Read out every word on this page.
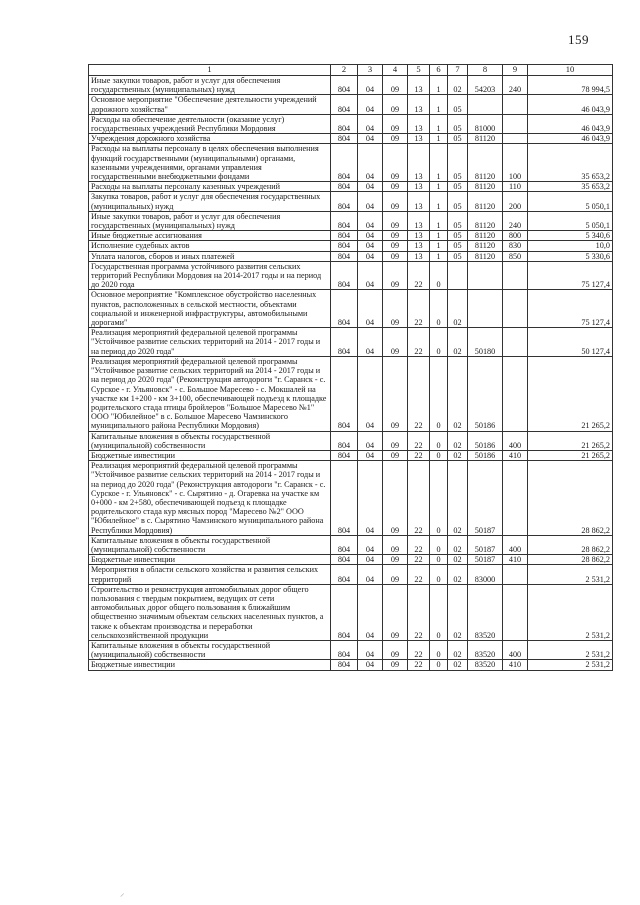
159
1	2	3	4	5	6	7	8	9	10
Иные закупки товаров, работ и услуг для обеспечения государственных (муниципальных) нужд	804	04	09	13	1	02	54203	240	78 994,5
Основное мероприятие "Обеспечение деятельности учреждений дорожного хозяйства"	804	04	09	13	1	05			46 043,9
Расходы на обеспечение деятельности (оказание услуг) государственных учреждений Республики Мордовия	804	04	09	13	1	05	81000		46 043,9
Учреждения дорожного хозяйства	804	04	09	13	1	05	81120		46 043,9
Расходы на выплаты персоналу в целях обеспечения выполнения функций государственными (муниципальными) органами, казенными учреждениями, органами управления государственными внебюджетными фондами	804	04	09	13	1	05	81120	100	35 653,2
Расходы на выплаты персоналу казенных учреждений	804	04	09	13	1	05	81120	110	35 653,2
Закупка товаров, работ и услуг для обеспечения государственных (муниципальных) нужд	804	04	09	13	1	05	81120	200	5 050,1
Иные закупки товаров, работ и услуг для обеспечения государственных (муниципальных) нужд	804	04	09	13	1	05	81120	240	5 050,1
Иные бюджетные ассигнования	804	04	09	13	1	05	81120	800	5 340,6
Исполнение судебных актов	804	04	09	13	1	05	81120	830	10,0
Уплата налогов, сборов и иных платежей	804	04	09	13	1	05	81120	850	5 330,6
Государственная программа устойчивого развития сельских территорий Республики Мордовия на 2014-2017 годы и на период до 2020 года	804	04	09	22	0				75 127,4
Основное мероприятие "Комплексное обустройство населенных пунктов, расположенных в сельской местности, объектами социальной и инженерной инфраструктуры, автомобильными дорогами"	804	04	09	22	0	02			75 127,4
Реализация мероприятий федеральной целевой программы "Устойчивое развитие сельских территорий на 2014 - 2017 годы и на период до 2020 года"	804	04	09	22	0	02	50180		50 127,4
Реализация мероприятий федеральной целевой программы "Устойчивое развитие сельских территорий на 2014 - 2017 годы и на период до 2020 года" (Реконструкция автодороги "г. Саранск - с. Сурское - г. Ульяновск" - с. Большое Маресево - с. Мокшалей на участке км 1+200 - км 3+100, обеспечивающей подъезд к площадке родительского стада птицы бройлеров "Большое Маресево №1" ООО "Юбилейное" в с. Большое Маресево Чамзинского муниципального района Республики Мордовия)	804	04	09	22	0	02	50186		21 265,2
Капитальные вложения в объекты государственной (муниципальной) собственности	804	04	09	22	0	02	50186	400	21 265,2
Бюджетные инвестиции	804	04	09	22	0	02	50186	410	21 265,2
Реализация мероприятий федеральной целевой программы "Устойчивое развитие сельских территорий на 2014 - 2017 годы и на период до 2020 года" (Реконструкция автодороги "г. Саранск - с. Сурское - г. Ульяновск" - с. Сырятино - д. Огаревка на участке км 0+000 - км 2+580, обеспечивающей подъезд к площадке родительского стада кур мясных пород "Маресево №2" ООО "Юбилейное" в с. Сырятино Чамзинского муниципального района Республики Мордовия)	804	04	09	22	0	02	50187		28 862,2
Капитальные вложения в объекты государственной (муниципальной) собственности	804	04	09	22	0	02	50187	400	28 862,2
Бюджетные инвестиции	804	04	09	22	0	02	50187	410	28 862,2
Мероприятия в области сельского хозяйства и развития сельских территорий	804	04	09	22	0	02	83000		2 531,2
Строительство и реконструкция автомобильных дорог общего пользования с твердым покрытием, ведущих от сети автомобильных дорог общего пользования к ближайшим общественно значимым объектам сельских населенных пунктов, а также к объектам производства и переработки сельскохозяйственной продукции	804	04	09	22	0	02	83520		2 531,2
Капитальные вложения в объекты государственной (муниципальной) собственности	804	04	09	22	0	02	83520	400	2 531,2
Бюджетные инвестиции	804	04	09	22	0	02	83520	410	2 531,2
⸝
